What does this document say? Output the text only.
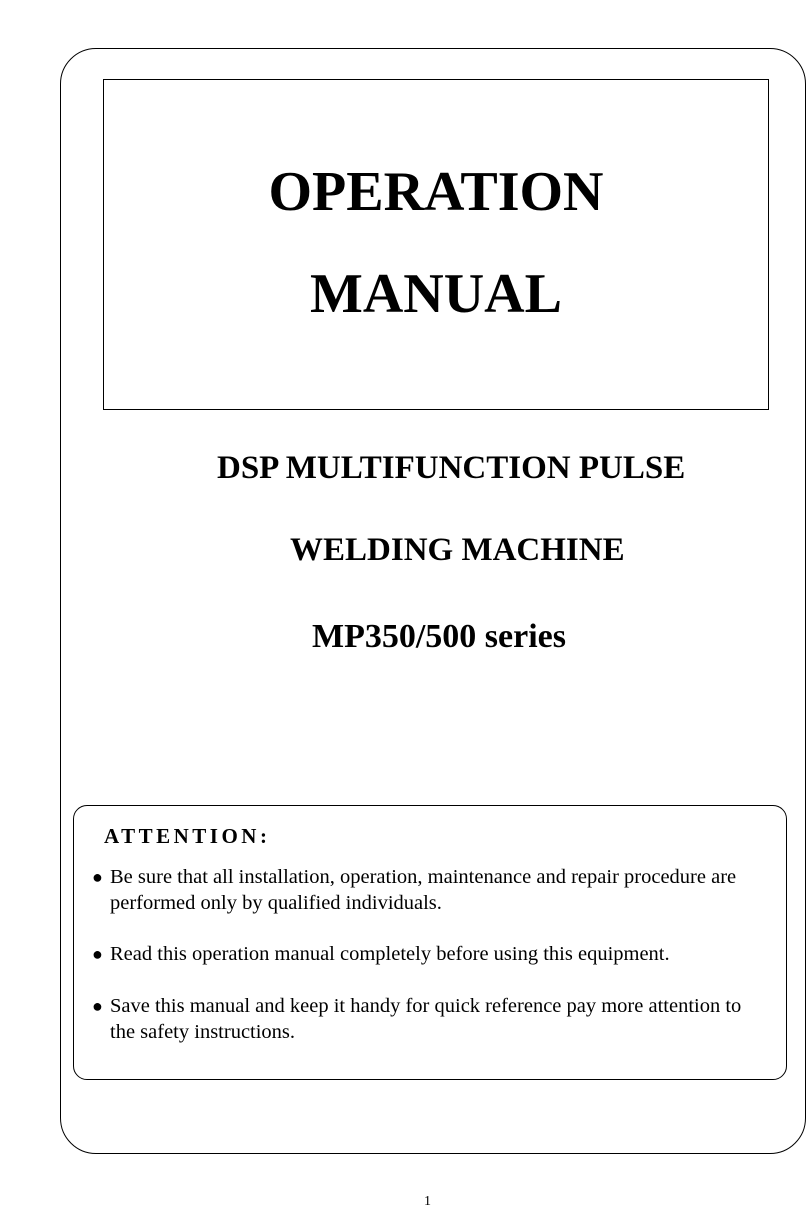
OPERATION
MANUAL
DSP MULTIFUNCTION PULSE
WELDING MACHINE
MP350/500 series
ATTENTION:
● Be sure that all installation, operation, maintenance and repair procedure are performed only by qualified individuals.
● Read this operation manual completely before using this equipment.
● Save this manual and keep it handy for quick reference pay more attention to the safety instructions.
1
